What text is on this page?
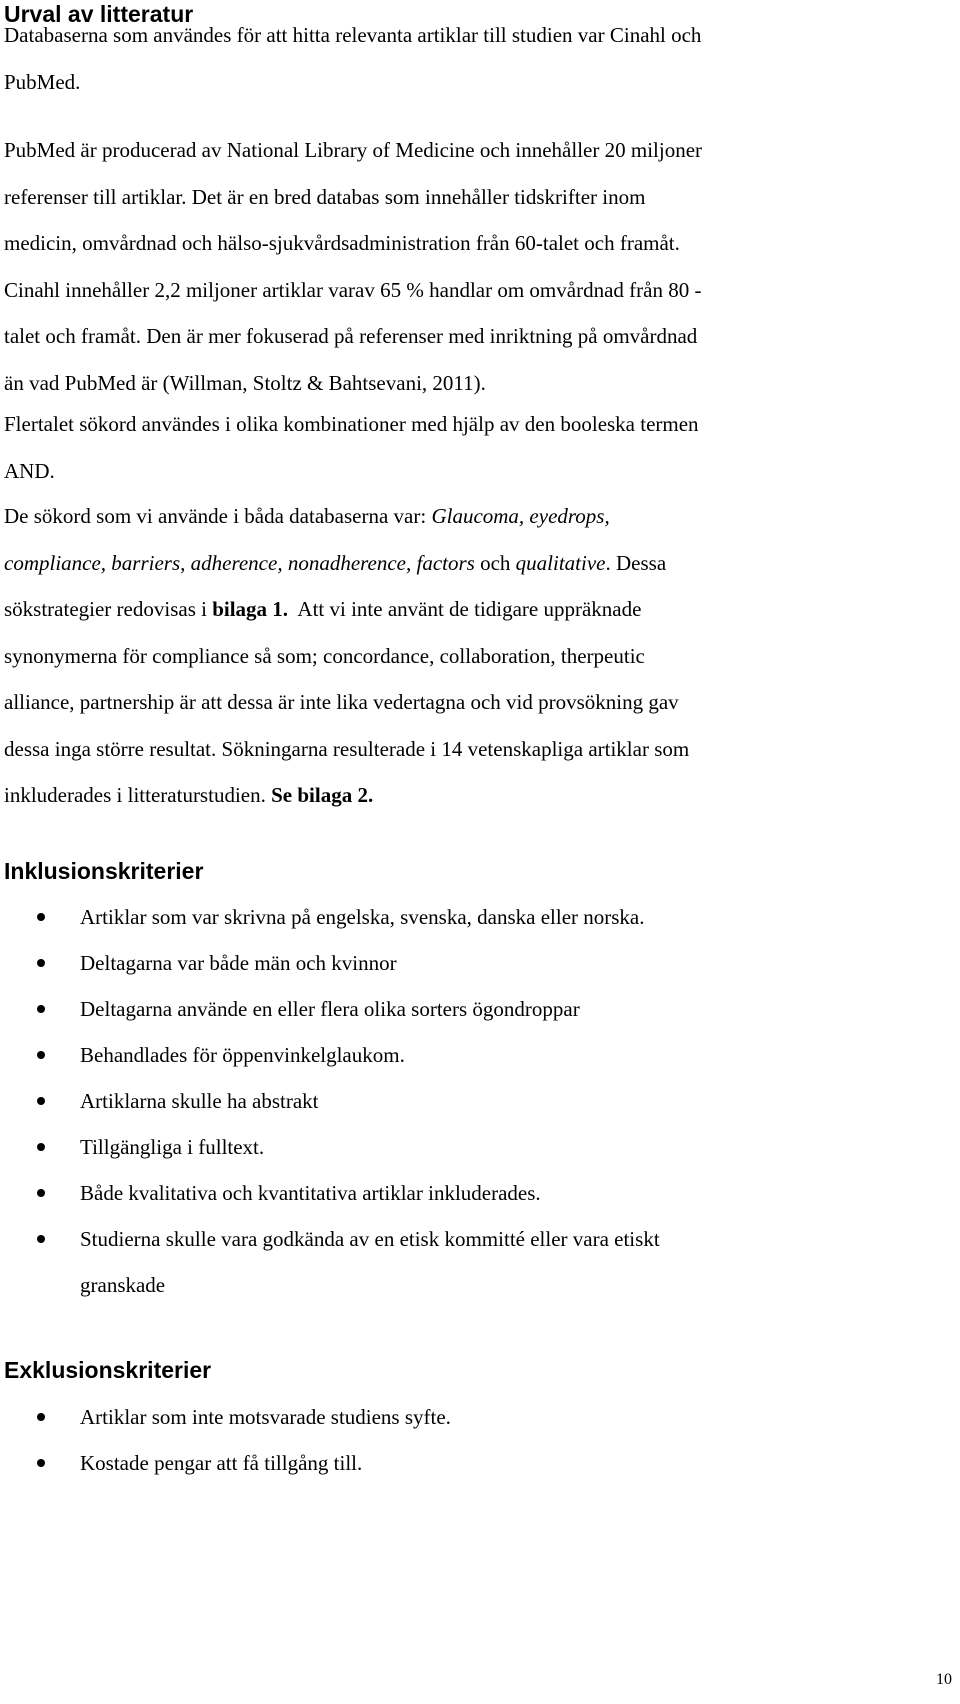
Urval av litteratur

Databaserna som användes för att hitta relevanta artiklar till studien var Cinahl och
PubMed.

PubMed är producerad av National Library of Medicine och innehåller 20 miljoner
referenser till artiklar. Det är en bred databas som innehåller tidskrifter inom
medicin, omvårdnad och hälso-sjukvårdsadministration från 60-talet och framåt.
Cinahl innehåller 2,2 miljoner artiklar varav 65 % handlar om omvårdnad från 80 -
talet och framåt. Den är mer fokuserad på referenser med inriktning på omvårdnad
än vad PubMed är (Willman, Stoltz & Bahtsevani, 2011).

Flertalet sökord användes i olika kombinationer med hjälp av den booleska termen
AND.

De sökord som vi använde i båda databaserna var: Glaucoma, eyedrops,
compliance, barriers, adherence, nonadherence, factors och qualitative. Dessa
sökstrategier redovisas i bilaga 1.  Att vi inte använt de tidigare uppräknade
synonymerna för compliance så som; concordance, collaboration, therpeutic
alliance, partnership är att dessa är inte lika vedertagna och vid provsökning gav
dessa inga större resultat. Sökningarna resulterade i 14 vetenskapliga artiklar som
inkluderades i litteraturstudien. Se bilaga 2.

Inklusionskriterier
Artiklar som var skrivna på engelska, svenska, danska eller norska.
Deltagarna var både män och kvinnor
Deltagarna använde en eller flera olika sorters ögondroppar
Behandlades för öppenvinkelglaukom.
Artiklarna skulle ha abstrakt
Tillgängliga i fulltext.
Både kvalitativa och kvantitativa artiklar inkluderades.
Studierna skulle vara godkända av en etisk kommitté eller vara etiskt
granskade
Exklusionskriterier
Artiklar som inte motsvarade studiens syfte.
Kostade pengar att få tillgång till.
10
